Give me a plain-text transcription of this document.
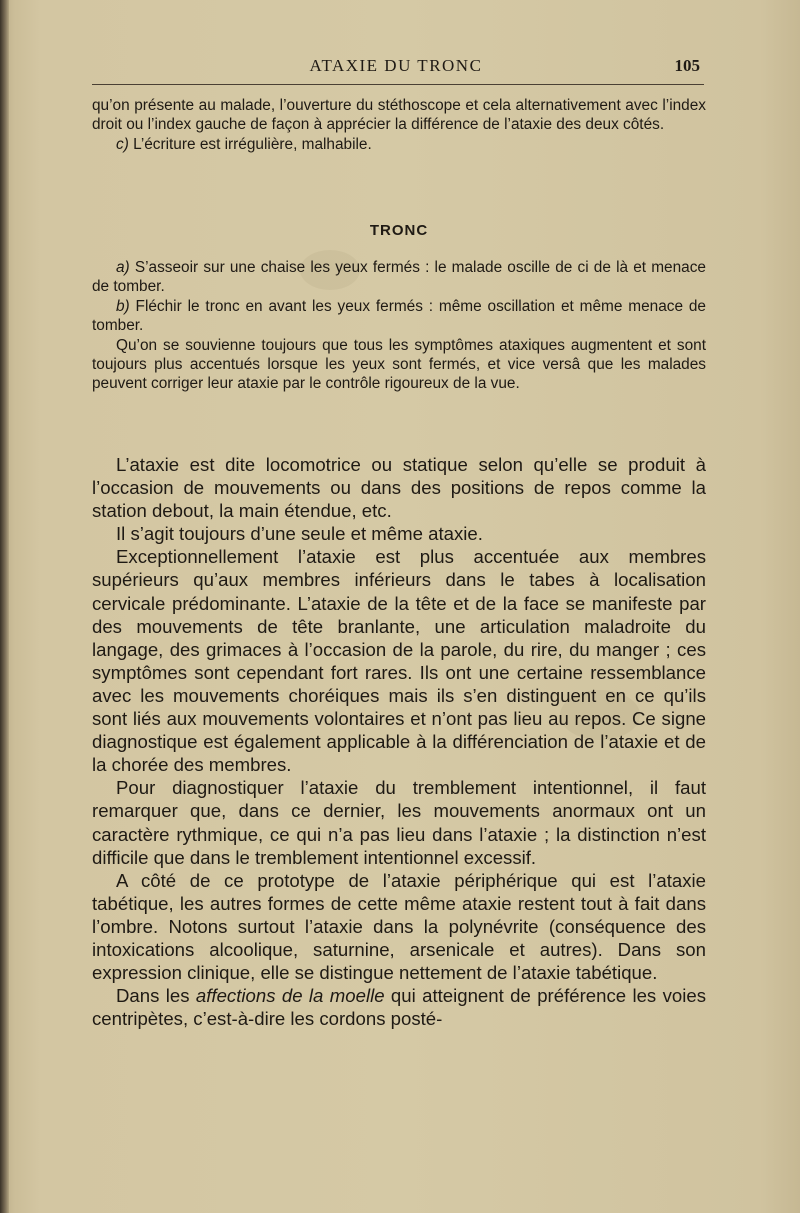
ATAXIE DU TRONC	105

qu’on présente au malade, l’ouverture du stéthoscope et cela alternativement avec l’index droit ou l’index gauche de façon à apprécier la différence de l’ataxie des deux côtés.

c) L’écriture est irrégulière, malhabile.

TRONC

a) S’asseoir sur une chaise les yeux fermés : le malade oscille de ci de là et menace de tomber.

b) Fléchir le tronc en avant les yeux fermés : même oscillation et même menace de tomber.

Qu’on se souvienne toujours que tous les symptômes ataxiques augmentent et sont toujours plus accentués lorsque les yeux sont fermés, et vice versâ que les malades peuvent corriger leur ataxie par le contrôle rigoureux de la vue.

L’ataxie est dite locomotrice ou statique selon qu’elle se produit à l’occasion de mouvements ou dans des positions de repos comme la station debout, la main étendue, etc.

Il s’agit toujours d’une seule et même ataxie.

Exceptionnellement l’ataxie est plus accentuée aux membres supérieurs qu’aux membres inférieurs dans le tabes à localisation cervicale prédominante. L’ataxie de la tête et de la face se manifeste par des mouvements de tête branlante, une articulation maladroite du langage, des grimaces à l’occasion de la parole, du rire, du manger ; ces symptômes sont cependant fort rares. Ils ont une certaine ressemblance avec les mouvements choréiques mais ils s’en distinguent en ce qu’ils sont liés aux mouvements volontaires et n’ont pas lieu au repos. Ce signe diagnostique est également applicable à la différenciation de l’ataxie et de la chorée des membres.

Pour diagnostiquer l’ataxie du tremblement intentionnel, il faut remarquer que, dans ce dernier, les mouvements anormaux ont un caractère rythmique, ce qui n’a pas lieu dans l’ataxie ; la distinction n’est difficile que dans le tremblement intentionnel excessif.

A côté de ce prototype de l’ataxie périphérique qui est l’ataxie tabétique, les autres formes de cette même ataxie restent tout à fait dans l’ombre. Notons surtout l’ataxie dans la polynévrite (conséquence des intoxications alcoolique, saturnine, arsenicale et autres). Dans son expression clinique, elle se distingue nettement de l’ataxie tabétique.

Dans les affections de la moelle qui atteignent de préférence les voies centripètes, c’est-à-dire les cordons posté-
